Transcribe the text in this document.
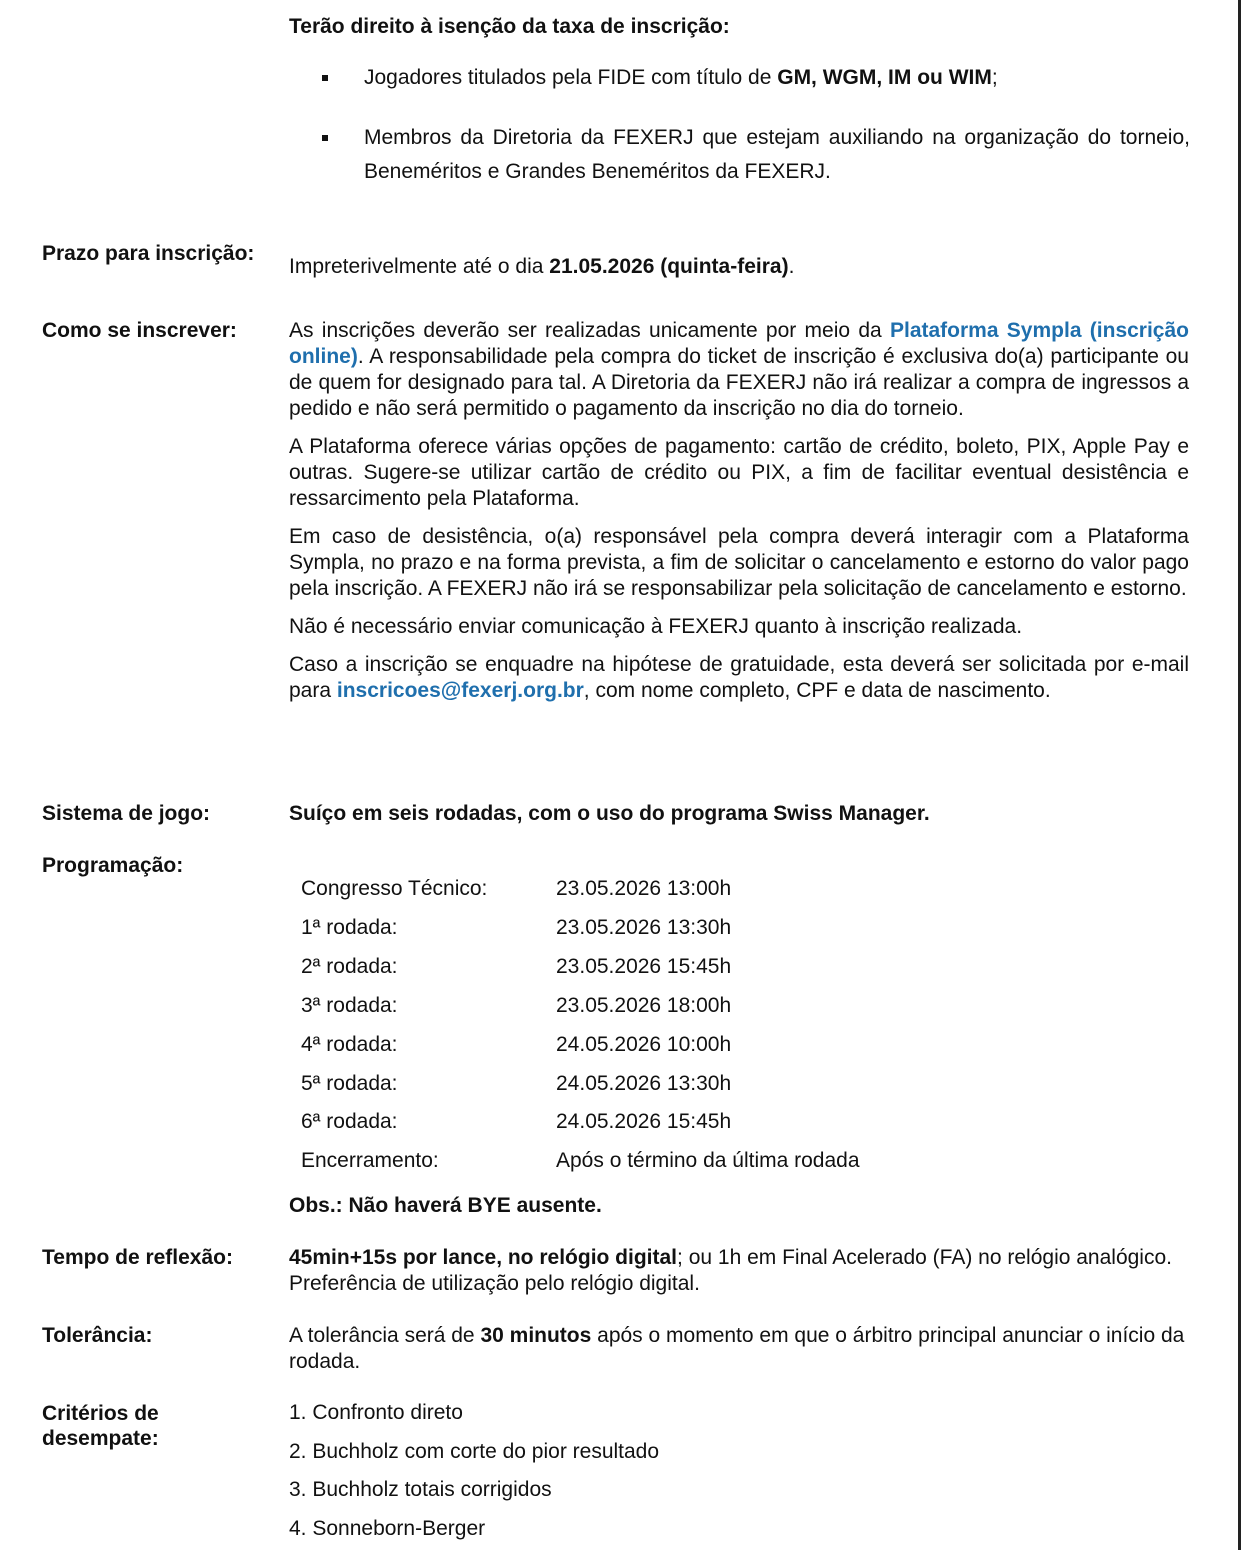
Terão direito à isenção da taxa de inscrição:
Jogadores titulados pela FIDE com título de GM, WGM, IM ou WIM;
Membros da Diretoria da FEXERJ que estejam auxiliando na organização do torneio, Beneméritos e Grandes Beneméritos da FEXERJ.
Prazo para inscrição:
Impreterivelmente até o dia 21.05.2026 (quinta-feira).
Como se inscrever:	As inscrições deverão ser realizadas unicamente por meio da Plataforma Sympla (inscrição online). A responsabilidade pela compra do ticket de inscrição é exclusiva do(a) participante ou de quem for designado para tal. A Diretoria da FEXERJ não irá realizar a compra de ingressos a pedido e não será permitido o pagamento da inscrição no dia do torneio.

A Plataforma oferece várias opções de pagamento: cartão de crédito, boleto, PIX, Apple Pay e outras. Sugere-se utilizar cartão de crédito ou PIX, a fim de facilitar eventual desistência e ressarcimento pela Plataforma.

Em caso de desistência, o(a) responsável pela compra deverá interagir com a Plataforma Sympla, no prazo e na forma prevista, a fim de solicitar o cancelamento e estorno do valor pago pela inscrição. A FEXERJ não irá se responsabilizar pela solicitação de cancelamento e estorno.

Não é necessário enviar comunicação à FEXERJ quanto à inscrição realizada.

Caso a inscrição se enquadre na hipótese de gratuidade, esta deverá ser solicitada por e-mail para inscricoes@fexerj.org.br, com nome completo, CPF e data de nascimento.

Sistema de jogo:	Suíço em seis rodadas, com o uso do programa Swiss Manager.
Programação:
Congresso Técnico:	23.05.2026 13:00h
1ª rodada:	23.05.2026 13:30h
2ª rodada:	23.05.2026 15:45h
3ª rodada:	23.05.2026 18:00h
4ª rodada:	24.05.2026 10:00h
5ª rodada:	24.05.2026 13:30h
6ª rodada:	24.05.2026 15:45h
Encerramento:	Após o término da última rodada
Obs.: Não haverá BYE ausente.
Tempo de reflexão:	45min+15s por lance, no relógio digital; ou 1h em Final Acelerado (FA) no relógio analógico. Preferência de utilização pelo relógio digital.
Tolerância:	A tolerância será de 30 minutos após o momento em que o árbitro principal anunciar o início da rodada.
Critérios de
desempate:
1. Confronto direto
2. Buchholz com corte do pior resultado
3. Buchholz totais corrigidos
4. Sonneborn-Berger
